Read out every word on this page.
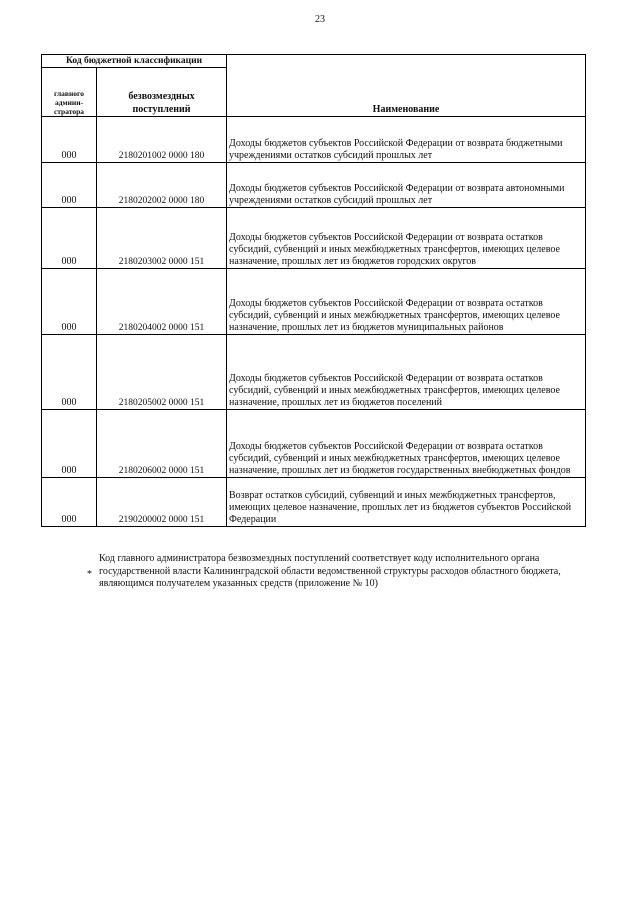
23
Код бюджетной классификации		Наименование
главного админи-стратора	безвозмездных поступлений	
000	2180201002 0000 180	Доходы бюджетов субъектов Российской Федерации от возврата бюджетными учреждениями остатков субсидий прошлых лет
000	2180202002 0000 180	Доходы бюджетов субъектов Российской Федерации от возврата автономными учреждениями остатков субсидий прошлых лет
000	2180203002 0000 151	Доходы бюджетов субъектов Российской Федерации от возврата остатков субсидий, субвенций и иных межбюджетных трансфертов, имеющих целевое назначение, прошлых лет из бюджетов городских округов
000	2180204002 0000 151	Доходы бюджетов субъектов Российской Федерации от возврата остатков субсидий, субвенций и иных межбюджетных трансфертов, имеющих целевое назначение, прошлых лет из бюджетов муниципальных районов
000	2180205002 0000 151	Доходы бюджетов субъектов Российской Федерации от возврата остатков субсидий, субвенций и иных межбюджетных трансфертов, имеющих целевое назначение, прошлых лет из бюджетов поселений
000	2180206002 0000 151	Доходы бюджетов субъектов Российской Федерации от возврата остатков субсидий, субвенций и иных межбюджетных трансфертов, имеющих целевое назначение, прошлых лет из бюджетов государственных внебюджетных фондов
000	2190200002 0000 151	Возврат остатков субсидий, субвенций и иных межбюджетных трансфертов, имеющих целевое назначение, прошлых лет из бюджетов субъектов Российской Федерации
*

Код главного администратора безвозмездных поступлений соответствует коду исполнительного органа государственной власти Калининградской области ведомственной структуры расходов областного бюджета, являющимся получателем указанных средств (приложение № 10)
